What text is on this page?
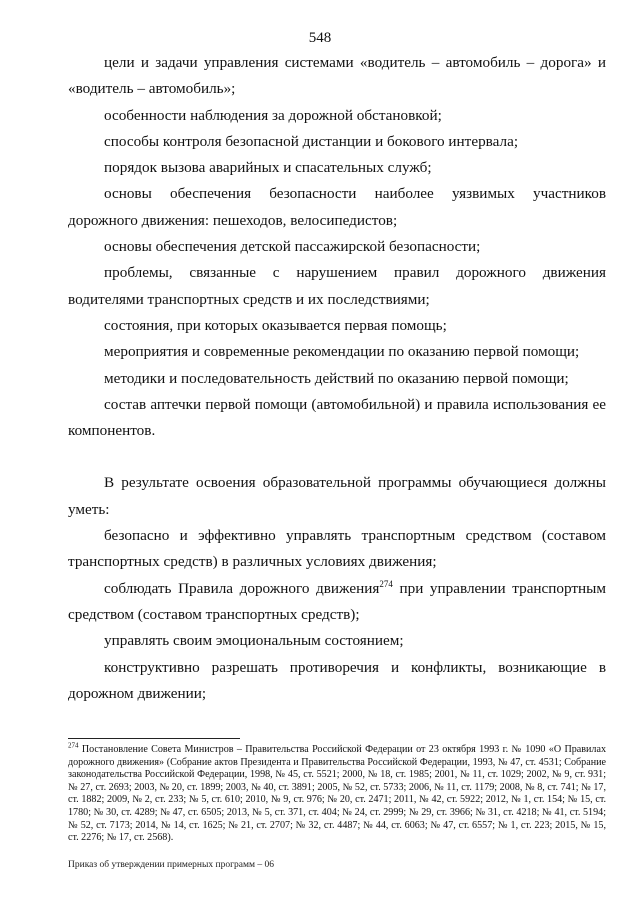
548

цели и задачи управления системами «водитель – автомобиль – дорога» и «водитель – автомобиль»;

особенности наблюдения за дорожной обстановкой;

способы контроля безопасной дистанции и бокового интервала;

порядок вызова аварийных и спасательных служб;

основы обеспечения безопасности наиболее уязвимых участников дорожного движения: пешеходов, велосипедистов;

основы обеспечения детской пассажирской безопасности;

проблемы, связанные с нарушением правил дорожного движения водителями транспортных средств и их последствиями;

состояния, при которых оказывается первая помощь;

мероприятия и современные рекомендации по оказанию первой помощи;

методики и последовательность действий по оказанию первой помощи;

состав аптечки первой помощи (автомобильной) и правила использования ее компонентов.

В результате освоения образовательной программы обучающиеся должны уметь:

безопасно и эффективно управлять транспортным средством (составом транспортных средств) в различных условиях движения;

соблюдать Правила дорожного движения$^{274}$ при управлении транспортным средством (составом транспортных средств);

управлять своим эмоциональным состоянием;

конструктивно разрешать противоречия и конфликты, возникающие в дорожном движении;

$^{274}$ Постановление Совета Министров – Правительства Российской Федерации от 23 октября 1993 г. № 1090 «О Правилах дорожного движения» (Собрание актов Президента и Правительства Российской Федерации, 1993, № 47, ст. 4531; Собрание законодательства Российской Федерации, 1998, № 45, ст. 5521; 2000, № 18, ст. 1985; 2001, № 11, ст. 1029; 2002, № 9, ст. 931; № 27, ст. 2693; 2003, № 20, ст. 1899; 2003, № 40, ст. 3891; 2005, № 52, ст. 5733; 2006, № 11, ст. 1179; 2008, № 8, ст. 741; № 17, ст. 1882; 2009, № 2, ст. 233; № 5, ст. 610; 2010, № 9, ст. 976; № 20, ст. 2471; 2011, № 42, ст. 5922; 2012, № 1, ст. 154; № 15, ст. 1780; № 30, ст. 4289; № 47, ст. 6505; 2013, № 5, ст. 371, ст. 404; № 24, ст. 2999; № 29, ст. 3966; № 31, ст. 4218; № 41, ст. 5194; № 52, ст. 7173; 2014, № 14, ст. 1625; № 21, ст. 2707; № 32, ст. 4487; № 44, ст. 6063; № 47, ст. 6557; № 1, ст. 223; 2015, № 15, ст. 2276; № 17, ст. 2568).
Приказ об утверждении примерных программ – 06
